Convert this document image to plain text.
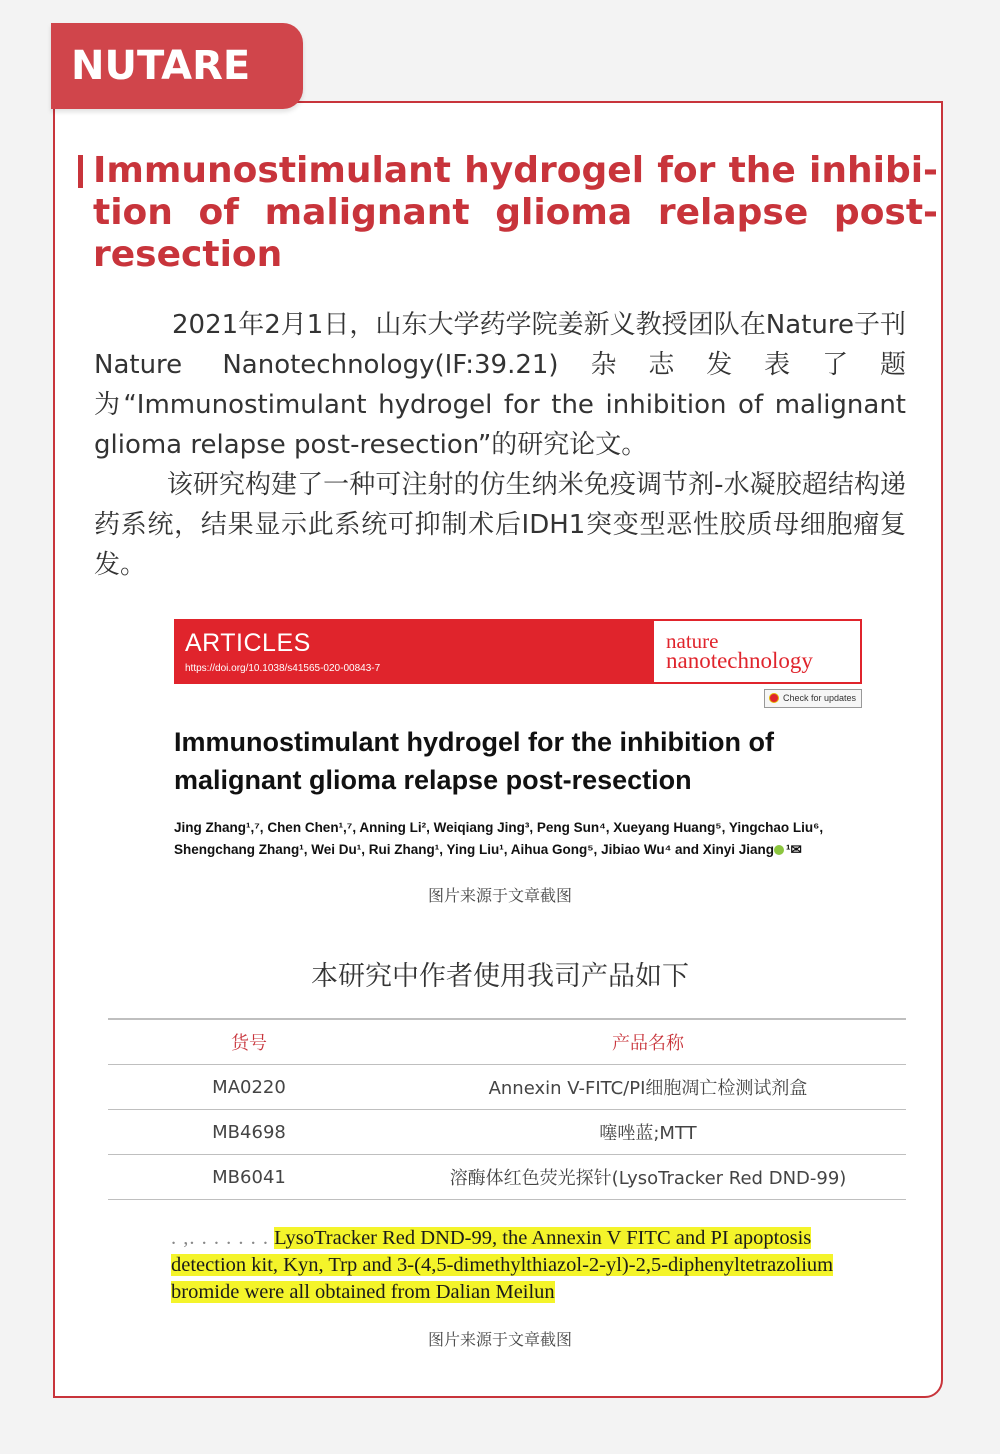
NUTARE
Immunostimulant hydrogel for the inhibi-tion of malignant glioma relapse post-resection

2021年2月1日，山东大学药学院姜新义教授团队在Nature子刊 Nature Nanotechnology(IF:39.21)杂志发表了题为“Immunostimulant hydrogel for the inhibition of malignant glioma relapse post-resection”的研究论文。

该研究构建了一种可注射的仿生纳米免疫调节剂-水凝胶超结构递药系统，结果显示此系统可抑制术后IDH1突变型恶性胶质母细胞瘤复发。

ARTICLES
https://doi.org/10.1038/s41565-020-00843-7
nature
nanotechnology
Check for updates
Immunostimulant hydrogel for the inhibition of malignant glioma relapse post-resection

Jing Zhang¹,⁷, Chen Chen¹,⁷, Anning Li², Weiqiang Jing³, Peng Sun⁴, Xueyang Huang⁵, Yingchao Liu⁶, Shengchang Zhang¹, Wei Du¹, Rui Zhang¹, Ying Liu¹, Aihua Gong⁵, Jibiao Wu⁴ and Xinyi Jiang ¹✉

图片来源于文章截图
本研究中作者使用我司产品如下
货号	产品名称
MA0220	Annexin V-FITC/PI细胞凋亡检测试剂盒
MB4698	噻唑蓝;MTT
MB6041	溶酶体红色荧光探针(LysoTracker Red DND-99)

. ,. . . . . . . LysoTracker Red DND-99, the Annexin V FITC and PI apoptosis detection kit, Kyn, Trp and 3-(4,5-dimethylthiazol-2-yl)-2,5-diphenyltetrazolium bromide were all obtained from Dalian Meilun

图片来源于文章截图
